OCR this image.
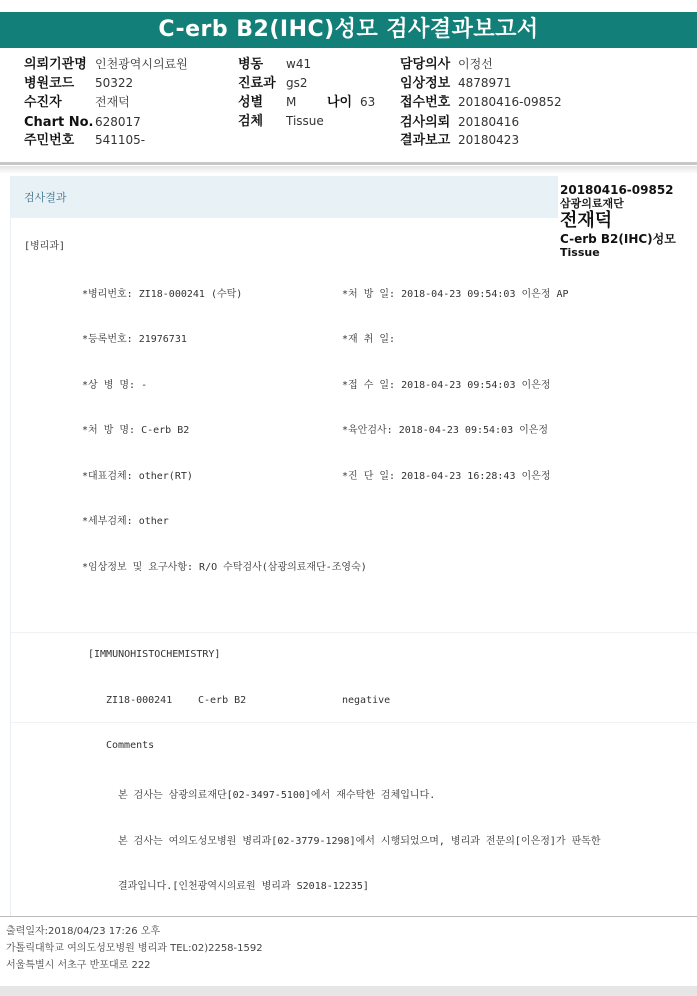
C-erb B2(IHC)성모 검사결과보고서
의뢰기관명 인천광역시의료원
병원코드 50322
수진자	전재덕
Chart No. 628017
주민번호 541105-
병동 w41
진료과 gs2
성별 M 나이 63
검체 Tissue
담당의사 이정선
임상정보 4878971
접수번호 20180416-09852
검사의뢰 20180416
결과보고 20180423
검사결과
20180416-09852
삼광의료재단
전재덕
C-erb B2(IHC)성모
Tissue
[병리과]
*병리번호: ZI18-000241 (수탁)
*등록번호: 21976731
*상 병 명: -
*처 방 명: C-erb B2
*대표검체: other(RT)
*세부검체: other
*임상정보 및 요구사항: R/O 수탁검사(삼광의료재단-조영숙)
*처 방 일: 2018-04-23 09:54:03 이은정 AP
*재 취 일:
*접 수 일: 2018-04-23 09:54:03 이은정
*육안검사: 2018-04-23 09:54:03 이은정
*진 단 일: 2018-04-23 16:28:43 이은정
[IMMUNOHISTOCHEMISTRY]
ZI18-000241	C-erb B2	negative
Comments
본 검사는 삼광의료재단[02-3497-5100]에서 재수탁한 검체입니다.
본 검사는 여의도성모병원 병리과[02-3779-1298]에서 시행되었으며, 병리과 전문의[이은정]가 판독한
결과입니다.[인천광역시의료원 병리과 S2018-12235]
출력일자:2018/04/23 17:26 오후
가톨릭대학교 여의도성모병원 병리과 TEL:02)2258-1592
서울특별시 서초구 반포대로 222
